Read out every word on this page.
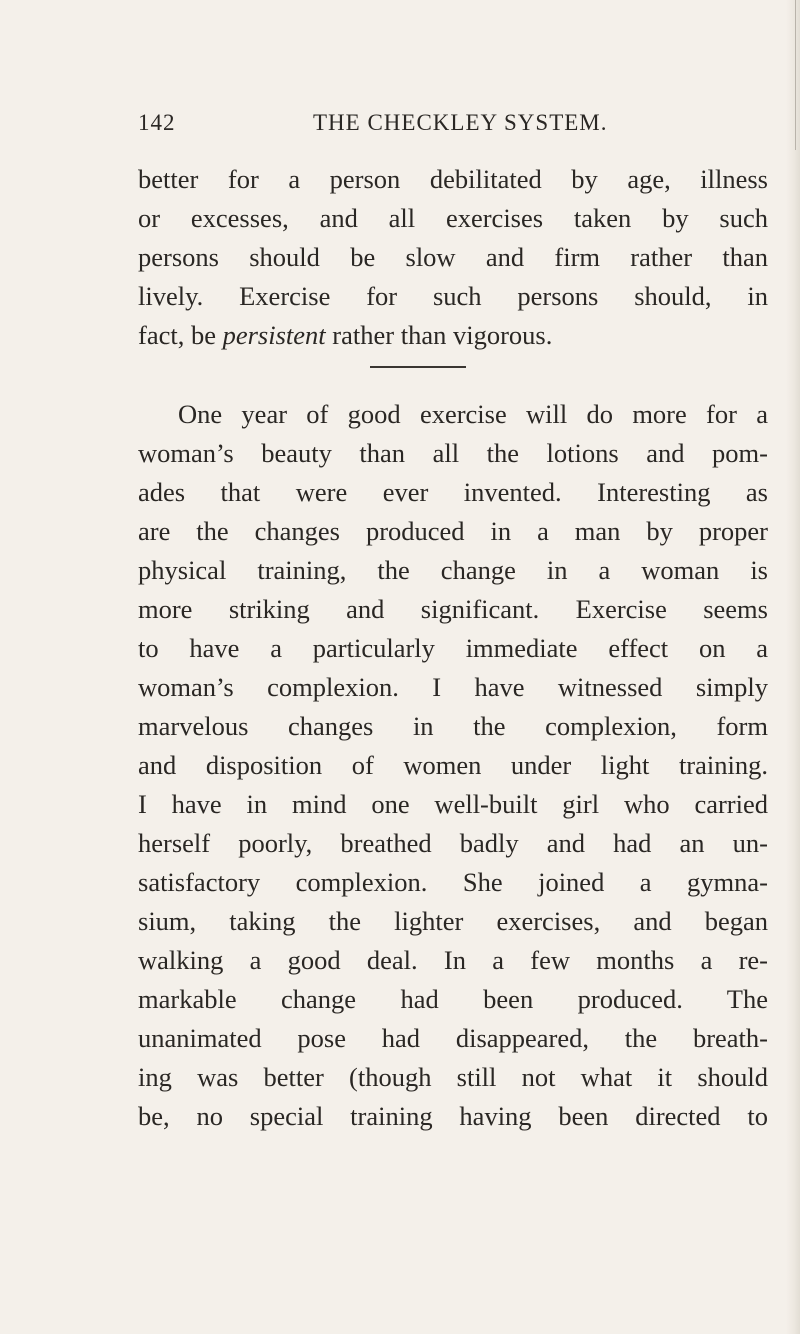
142	THE CHECKLEY SYSTEM.
better for a person debilitated by age, illness
or excesses, and all exercises taken by such
persons should be slow and firm rather than
lively. Exercise for such persons should, in
fact, be persistent rather than vigorous.
One year of good exercise will do more for a
woman’s beauty than all the lotions and pom-
ades that were ever invented. Interesting as
are the changes produced in a man by proper
physical training, the change in a woman is
more striking and significant. Exercise seems
to have a particularly immediate effect on a
woman’s complexion. I have witnessed simply
marvelous changes in the complexion, form
and disposition of women under light training.
I have in mind one well-built girl who carried
herself poorly, breathed badly and had an un-
satisfactory complexion. She joined a gymna-
sium, taking the lighter exercises, and began
walking a good deal. In a few months a re-
markable change had been produced. The
unanimated pose had disappeared, the breath-
ing was better (though still not what it should
be, no special training having been directed to
